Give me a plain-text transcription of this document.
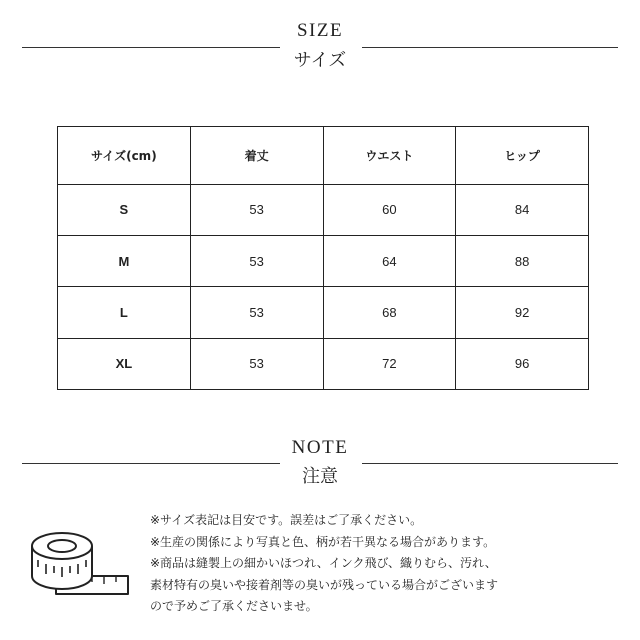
SIZE
サイズ
サイズ(cm)	着丈	ウエスト	ヒップ
S	53	60	84
M	53	64	88
L	53	68	92
XL	53	72	96
NOTE
注意
※サイズ表記は目安です。誤差はご了承ください。
※生産の関係により写真と色、柄が若干異なる場合があります。
※商品は縫製上の細かいほつれ、インク飛び、織りむら、汚れ、
素材特有の臭いや接着剤等の臭いが残っている場合がございます
ので予めご了承くださいませ。
